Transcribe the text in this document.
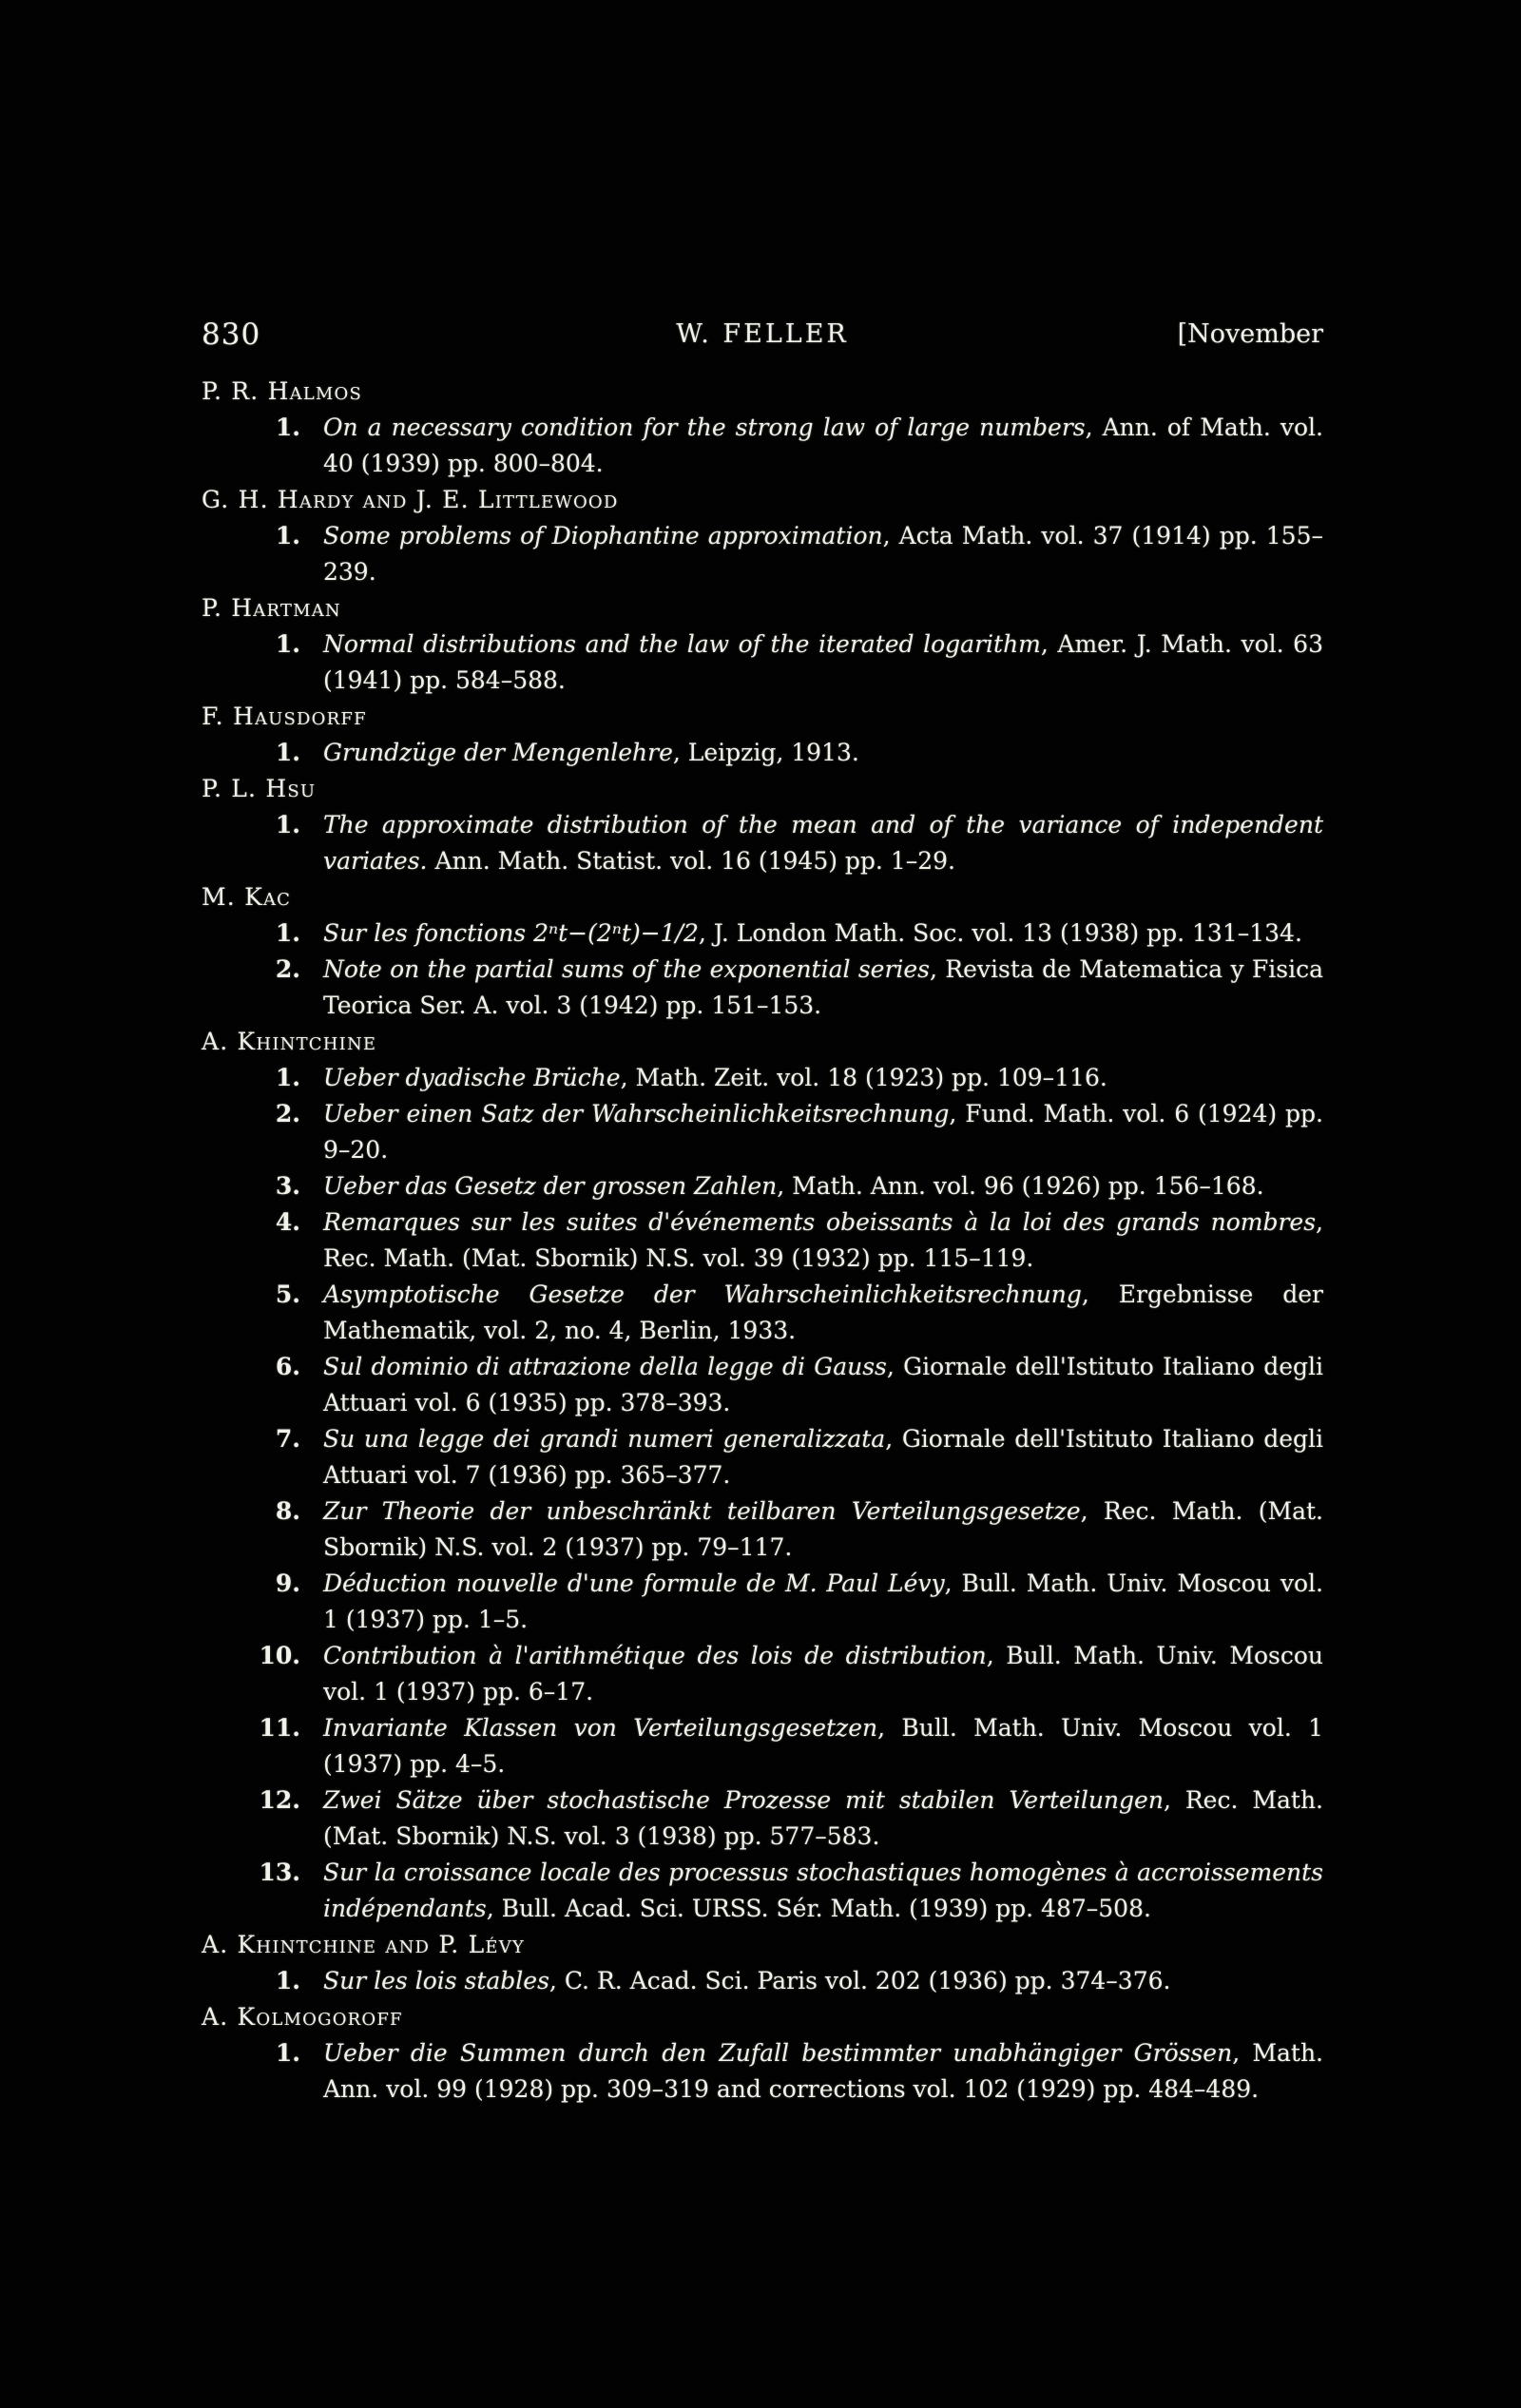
830	W. FELLER	[November
P. R. Halmos
1. On a necessary condition for the strong law of large numbers, Ann. of Math. vol. 40 (1939) pp. 800–804.
G. H. Hardy and J. E. Littlewood
1. Some problems of Diophantine approximation, Acta Math. vol. 37 (1914) pp. 155–239.
P. Hartman
1. Normal distributions and the law of the iterated logarithm, Amer. J. Math. vol. 63 (1941) pp. 584–588.
F. Hausdorff
1. Grundzüge der Mengenlehre, Leipzig, 1913.
P. L. Hsu
1. The approximate distribution of the mean and of the variance of independent variates. Ann. Math. Statist. vol. 16 (1945) pp. 1–29.
M. Kac
1. Sur les fonctions 2ⁿt−(2ⁿt)−1/2, J. London Math. Soc. vol. 13 (1938) pp. 131–134.
2. Note on the partial sums of the exponential series, Revista de Matematica y Fisica Teorica Ser. A. vol. 3 (1942) pp. 151–153.
A. Khintchine
1. Ueber dyadische Brüche, Math. Zeit. vol. 18 (1923) pp. 109–116.
2. Ueber einen Satz der Wahrscheinlichkeitsrechnung, Fund. Math. vol. 6 (1924) pp. 9–20.
3. Ueber das Gesetz der grossen Zahlen, Math. Ann. vol. 96 (1926) pp. 156–168.
4. Remarques sur les suites d'événements obeissants à la loi des grands nombres, Rec. Math. (Mat. Sbornik) N.S. vol. 39 (1932) pp. 115–119.
5. Asymptotische Gesetze der Wahrscheinlichkeitsrechnung, Ergebnisse der Mathematik, vol. 2, no. 4, Berlin, 1933.
6. Sul dominio di attrazione della legge di Gauss, Giornale dell'Istituto Italiano degli Attuari vol. 6 (1935) pp. 378–393.
7. Su una legge dei grandi numeri generalizzata, Giornale dell'Istituto Italiano degli Attuari vol. 7 (1936) pp. 365–377.
8. Zur Theorie der unbeschränkt teilbaren Verteilungsgesetze, Rec. Math. (Mat. Sbornik) N.S. vol. 2 (1937) pp. 79–117.
9. Déduction nouvelle d'une formule de M. Paul Lévy, Bull. Math. Univ. Moscou vol. 1 (1937) pp. 1–5.
10. Contribution à l'arithmétique des lois de distribution, Bull. Math. Univ. Moscou vol. 1 (1937) pp. 6–17.
11. Invariante Klassen von Verteilungsgesetzen, Bull. Math. Univ. Moscou vol. 1 (1937) pp. 4–5.
12. Zwei Sätze über stochastische Prozesse mit stabilen Verteilungen, Rec. Math. (Mat. Sbornik) N.S. vol. 3 (1938) pp. 577–583.
13. Sur la croissance locale des processus stochastiques homogènes à accroissements indépendants, Bull. Acad. Sci. URSS. Sér. Math. (1939) pp. 487–508.
A. Khintchine and P. Lévy
1. Sur les lois stables, C. R. Acad. Sci. Paris vol. 202 (1936) pp. 374–376.
A. Kolmogoroff
1. Ueber die Summen durch den Zufall bestimmter unabhängiger Grössen, Math. Ann. vol. 99 (1928) pp. 309–319 and corrections vol. 102 (1929) pp. 484–489.
